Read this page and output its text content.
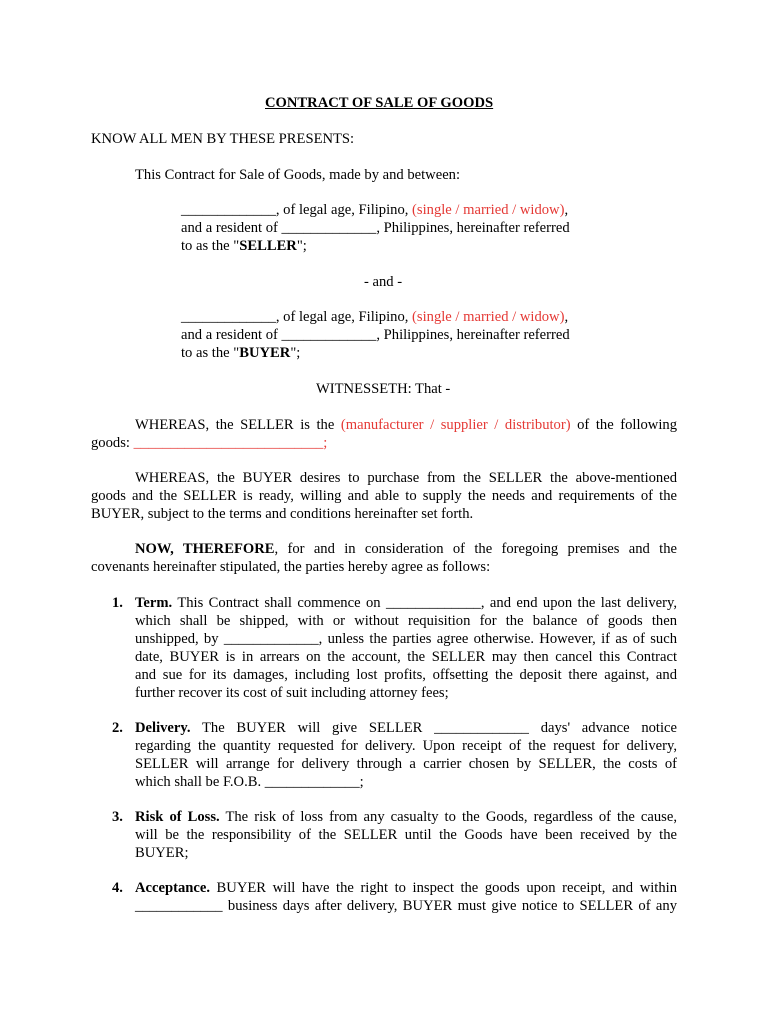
CONTRACT OF SALE OF GOODS
KNOW ALL MEN BY THESE PRESENTS:
This Contract for Sale of Goods, made by and between:
_____________, of legal age, Filipino, (single / married / widow),
and a resident of _____________, Philippines, hereinafter referred
to as the "SELLER";
- and -
_____________, of legal age, Filipino, (single / married / widow),
and a resident of _____________, Philippines, hereinafter referred
to as the "BUYER";
WITNESSETH: That -
WHEREAS, the SELLER is the (manufacturer / supplier / distributor) of the following
goods: __________________________;
WHEREAS, the BUYER desires to purchase from the SELLER the above-mentioned
goods and the SELLER is ready, willing and able to supply the needs and requirements of the
BUYER, subject to the terms and conditions hereinafter set forth.
NOW, THEREFORE, for and in consideration of the foregoing premises and the
covenants hereinafter stipulated, the parties hereby agree as follows:
1. Term. This Contract shall commence on _____________, and end upon the last delivery,
which shall be shipped, with or without requisition for the balance of goods then
unshipped, by _____________, unless the parties agree otherwise. However, if as of such
date, BUYER is in arrears on the account, the SELLER may then cancel this Contract
and sue for its damages, including lost profits, offsetting the deposit there against, and
further recover its cost of suit including attorney fees;
2. Delivery. The BUYER will give SELLER _____________ days' advance notice
regarding the quantity requested for delivery. Upon receipt of the request for delivery,
SELLER will arrange for delivery through a carrier chosen by SELLER, the costs of
which shall be F.O.B. _____________;
3. Risk of Loss. The risk of loss from any casualty to the Goods, regardless of the cause,
will be the responsibility of the SELLER until the Goods have been received by the
BUYER;
4. Acceptance. BUYER will have the right to inspect the goods upon receipt, and within
____________ business days after delivery, BUYER must give notice to SELLER of any
